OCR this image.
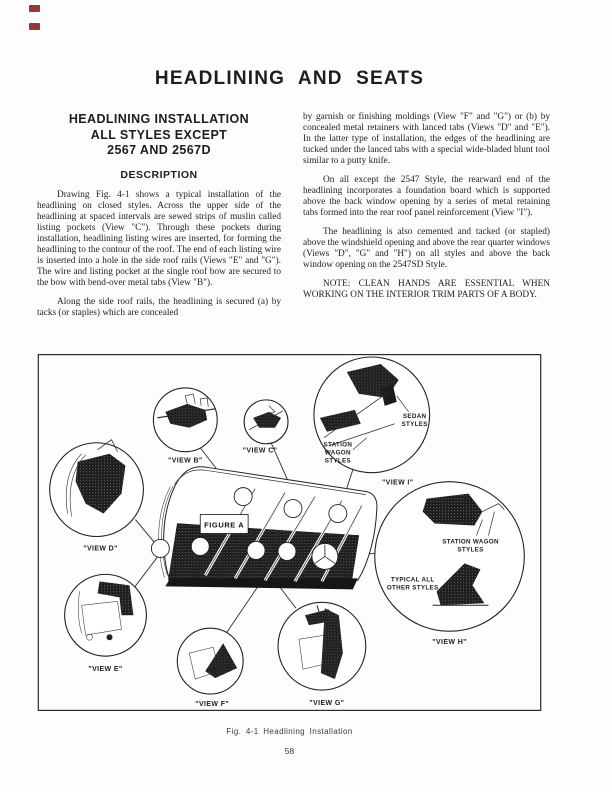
HEADLINING AND SEATS
HEADLINING INSTALLATION
ALL STYLES EXCEPT
2567 AND 2567D
DESCRIPTION

Drawing Fig. 4-1 shows a typical installation of the headlining on closed styles. Across the upper side of the headlining at spaced intervals are sewed strips of muslin called listing pockets (View "C"). Through these pockets during installation, headlining listing wires are inserted, for forming the headlining to the contour of the roof. The end of each listing wire is inserted into a hole in the side roof rails (Views "E" and "G"). The wire and listing pocket at the single roof bow are secured to the bow with bend-over metal tabs (View "B").

Along the side roof rails, the headlining is secured (a) by tacks (or staples) which are concealed

by garnish or finishing moldings (View "F" and "G") or (b) by concealed metal retainers with lanced tabs (Views "D" and "E"). In the latter type of installation, the edges of the headlining are tucked under the lanced tabs with a special wide-bladed blunt tool similar to a putty knife.

On all except the 2547 Style, the rearward end of the headlining incorporates a foundation board which is supported above the back window opening by a series of metal retaining tabs formed into the rear roof panel reinforcement (View "I").

The headlining is also cemented and tacked (or stapled) above the windshield opening and above the rear quarter windows (Views "D", "G" and "H") on all styles and above the back window opening on the 2547SD Style.

NOTE: CLEAN HANDS ARE ESSENTIAL WHEN WORKING ON THE INTERIOR TRIM PARTS OF A BODY.

FIGURE A
"VIEW B"
"VIEW C"
"VIEW D"
"VIEW E"
"VIEW F"	"VIEW G"
STATION WAGON
STYLES
TYPICAL ALL
OTHER STYLES
"VIEW H"
SEDAN
STYLES
STATION
WAGON
STYLES
"VIEW I"
Fig. 4-1 Headlining Installation
58
